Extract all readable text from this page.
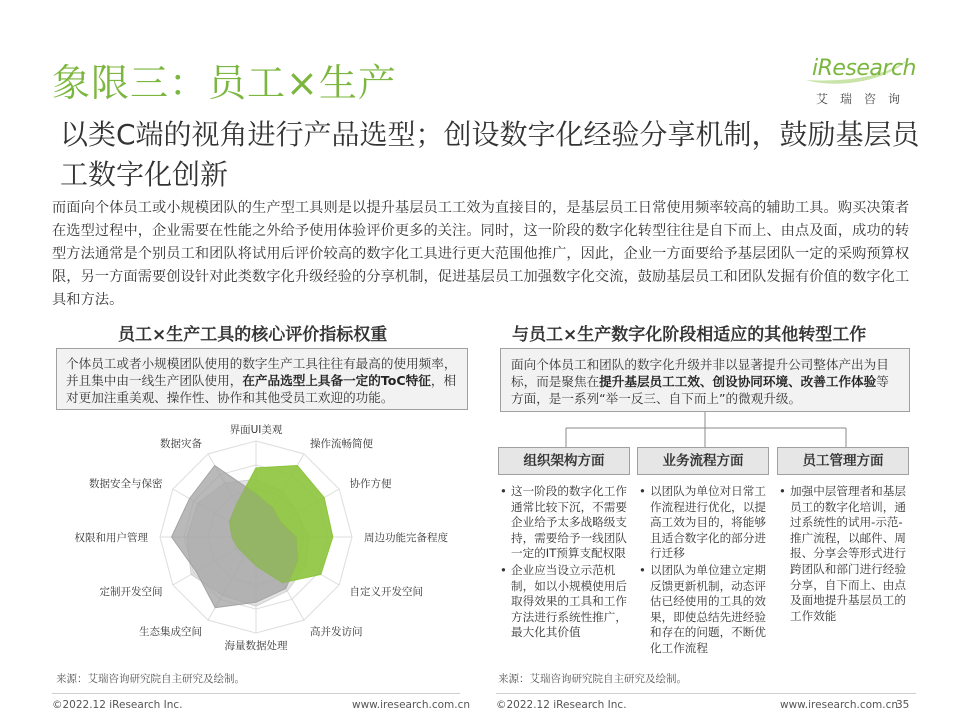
象限三：员工×生产
以类C端的视角进行产品选型；创设数字化经验分享机制，鼓励基层员工数字化创新
iResearch
艾瑞咨询
而面向个体员工或小规模团队的生产型工具则是以提升基层员工工效为直接目的，是基层员工日常使用频率较高的辅助工具。购买决策者在选型过程中，企业需要在性能之外给予使用体验评价更多的关注。同时，这一阶段的数字化转型往往是自下而上、由点及面，成功的转型方法通常是个别员工和团队将试用后评价较高的数字化工具进行更大范围他推广，因此，企业一方面要给予基层团队一定的采购预算权限，另一方面需要创设针对此类数字化升级经验的分享机制，促进基层员工加强数字化交流，鼓励基层员工和团队发掘有价值的数字化工具和方法。
员工×生产工具的核心评价指标权重
个体员工或者小规模团队使用的数字生产工具往往有最高的使用频率，并且集中由一线生产团队使用，在产品选型上具备一定的ToC特征，相对更加注重美观、操作性、协作和其他受员工欢迎的功能。
界面UI美观
操作流畅简便
协作方便
周边功能完备程度
自定义开发空间
高并发访问
海量数据处理
生态集成空间
定制开发空间
权限和用户管理
数据安全与保密
数据灾备
来源：艾瑞咨询研究院自主研究及绘制。
与员工×生产数字化阶段相适应的其他转型工作
面向个体员工和团队的数字化升级并非以显著提升公司整体产出为目标，而是聚焦在提升基层员工工效、创设协同环境、改善工作体验等方面，是一系列“举一反三、自下而上”的微观升级。
组织架构方面	业务流程方面	员工管理方面
• 这一阶段的数字化工作通常比较下沉，不需要企业给予太多战略级支持，需要给予一线团队一定的IT预算支配权限
• 企业应当设立示范机制，如以小规模使用后取得效果的工具和工作方法进行系统性推广，最大化其价值
• 以团队为单位对日常工作流程进行优化，以提高工效为目的，将能够且适合数字化的部分进行迁移
• 以团队为单位建立定期反馈更新机制，动态评估已经使用的工具的效果，即使总结先进经验和存在的问题，不断优化工作流程
• 加强中层管理者和基层员工的数字化培训，通过系统性的试用-示范-推广流程，以邮件、周报、分享会等形式进行跨团队和部门进行经验分享，自下而上、由点及面地提升基层员工的工作效能
来源：艾瑞咨询研究院自主研究及绘制。
©2022.12 iResearch Inc.	www.iresearch.com.cn ©2022.12 iResearch Inc.	www.iresearch.com.cn
35
